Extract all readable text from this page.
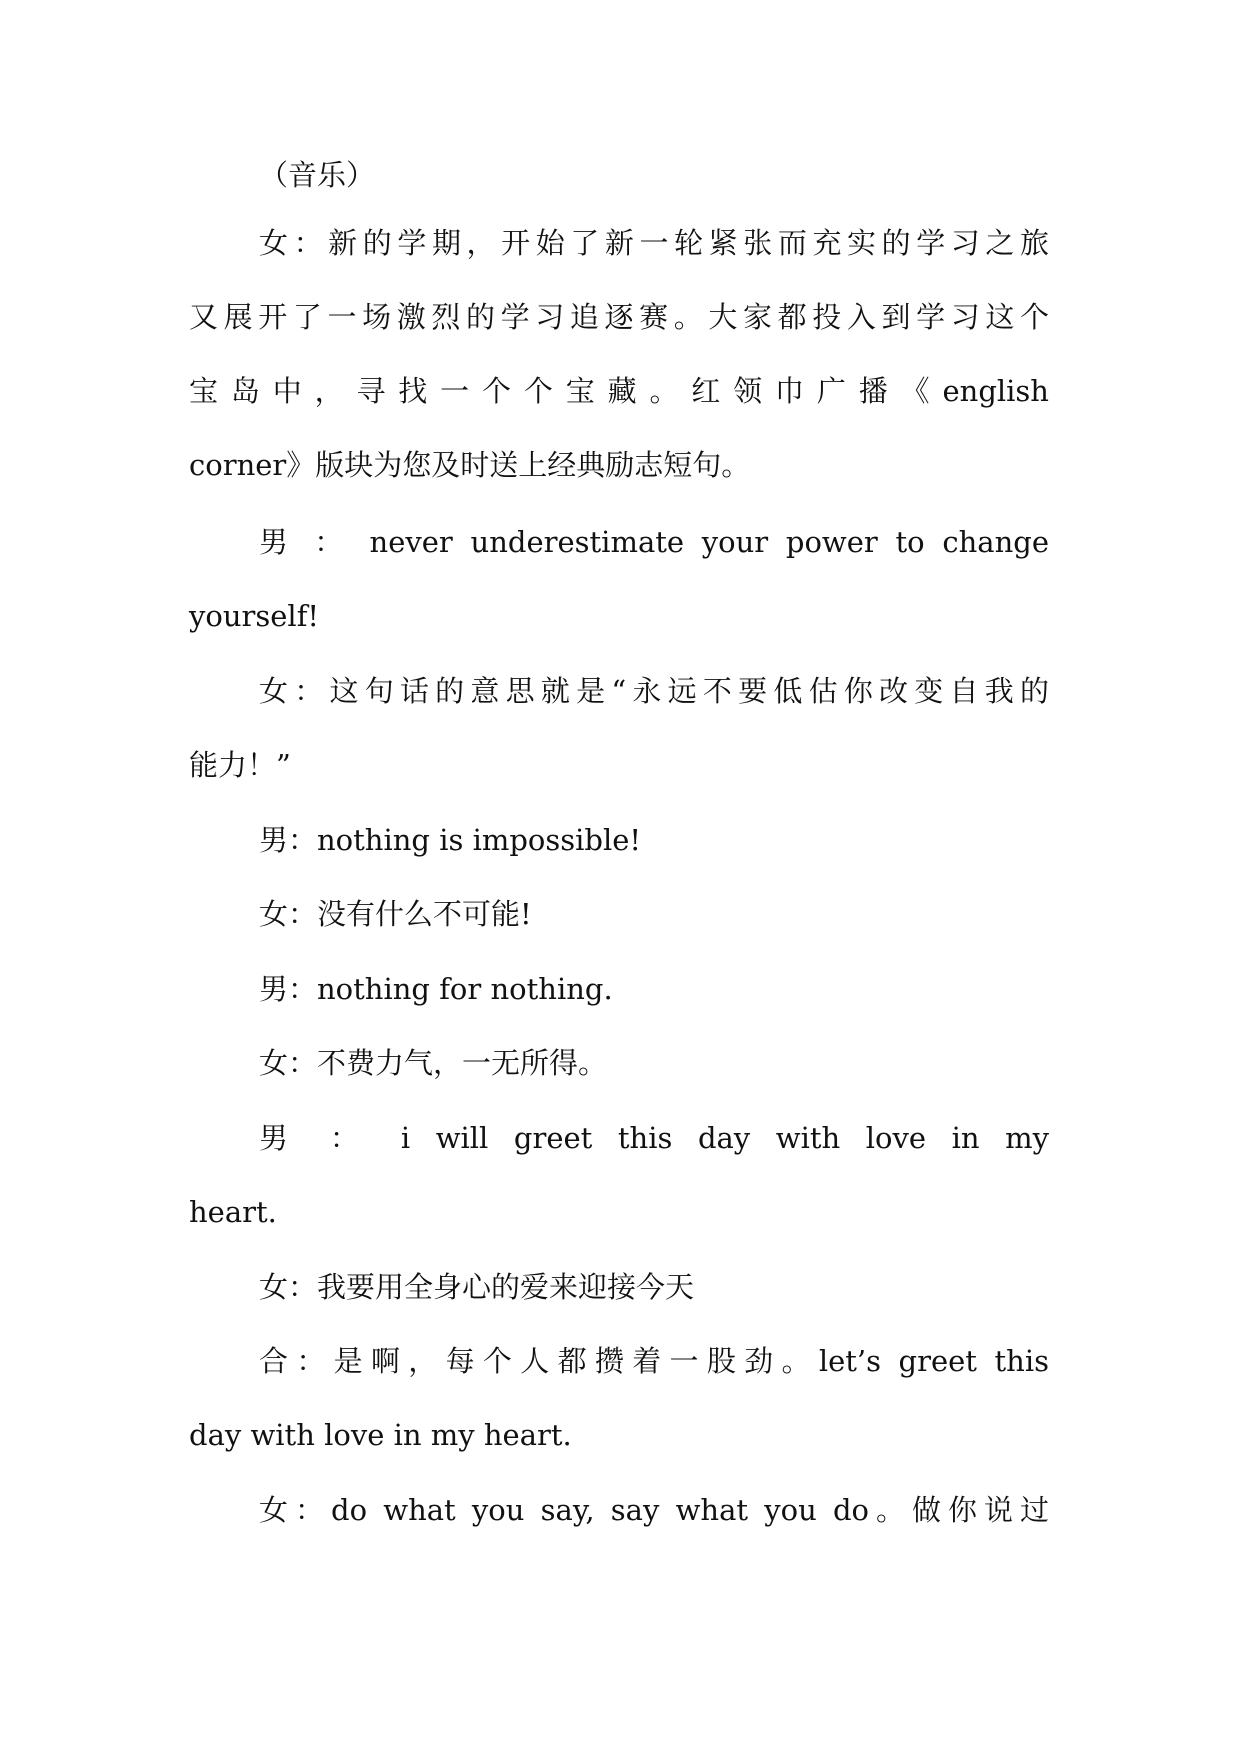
（音乐）

女：新的学期，开始了新一轮紧张而充实的学习之旅
又展开了一场激烈的学习追逐赛。大家都投入到学习这个
宝 岛 中 ， 寻 找 一 个 个 宝 藏 。 红 领 巾 广 播 《 english
corner》版块为您及时送上经典励志短句。
男 ： never underestimate your power to change
yourself!
女：这句话的意思就是“永远不要低估你改变自我的
能力！”

男：nothing is impossible!

女：没有什么不可能!

男：nothing for nothing.

女：不费力气，一无所得。

男 ： i will greet this day with love in my
heart.

女：我要用全身心的爱来迎接今天

合：是啊，每个人都攒着一股劲。let’s greet this
day with love in my heart.
女：do what you say, say what you do。做你说过
